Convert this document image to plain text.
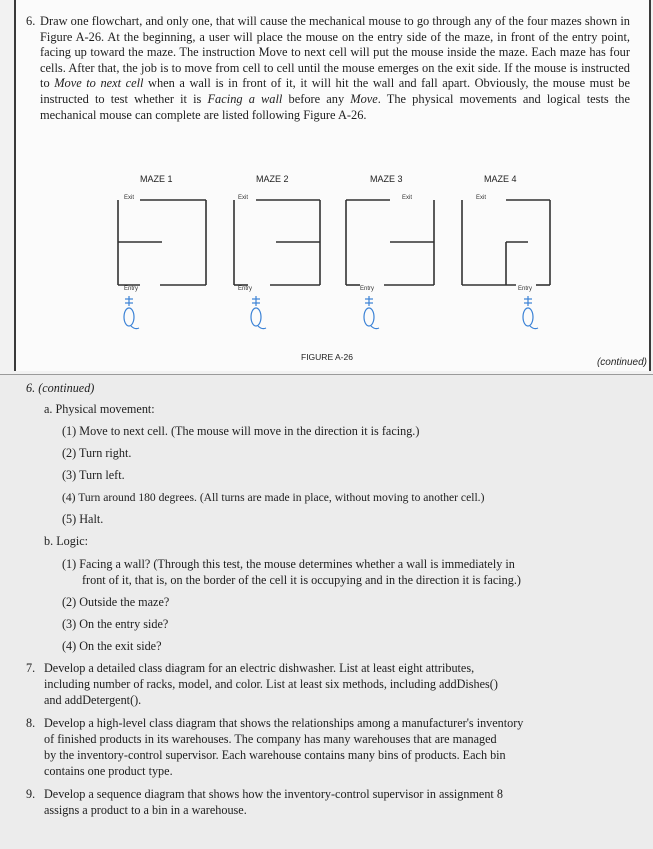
6. Draw one flowchart, and only one, that will cause the mechanical mouse to go through any of the four mazes shown in Figure A-26. At the beginning, a user will place the mouse on the entry side of the maze, in front of the entry point, facing up toward the maze. The instruction Move to next cell will put the mouse inside the maze. Each maze has four cells. After that, the job is to move from cell to cell until the mouse emerges on the exit side. If the mouse is instructed to Move to next cell when a wall is in front of it, it will hit the wall and fall apart. Obviously, the mouse must be instructed to test whether it is Facing a wall before any Move. The physical movements and logical tests the mechanical mouse can complete are listed following Figure A-26.
MAZE 1
Exit
Entry
MAZE 2
Exit
Entry
MAZE 3
Exit
Entry
MAZE 4
Exit
Entry
FIGURE A-26	(continued)
6. (continued)
a. Physical movement:
(1) Move to next cell. (The mouse will move in the direction it is facing.)
(2) Turn right.
(3) Turn left.
(4) Turn around 180 degrees. (All turns are made in place, without moving to another cell.)
(5) Halt.
b. Logic:
(1) Facing a wall? (Through this test, the mouse determines whether a wall is immediately in
front of it, that is, on the border of the cell it is occupying and in the direction it is facing.)
(2) Outside the maze?
(3) On the entry side?
(4) On the exit side?
7. Develop a detailed class diagram for an electric dishwasher. List at least eight attributes,
including number of racks, model, and color. List at least six methods, including addDishes()
and addDetergent().
8. Develop a high-level class diagram that shows the relationships among a manufacturer's inventory
of finished products in its warehouses. The company has many warehouses that are managed
by the inventory-control supervisor. Each warehouse contains many bins of products. Each bin
contains one product type.
9. Develop a sequence diagram that shows how the inventory-control supervisor in assignment 8
assigns a product to a bin in a warehouse.
